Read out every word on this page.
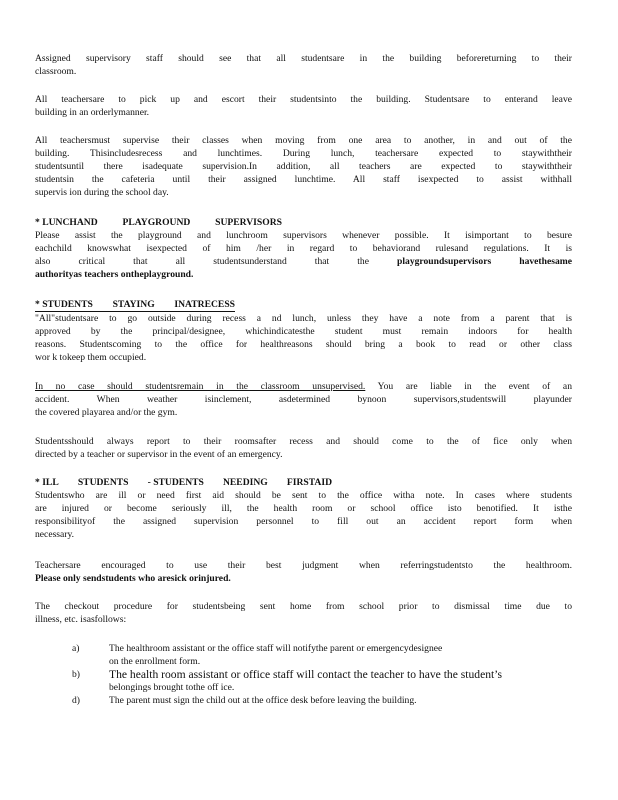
Assigned supervisory staff should see that all studentsare in the building beforereturning to their

classroom.

All teachersare to pick up and escort their studentsinto the building. Studentsare to enterand leave

building in an orderlymanner.

All teachersmust supervise their classes when moving from one area to another, in and out of the

building. Thisincludesrecess and lunchtimes. During lunch, teachersare expected to staywiththeir

studentsuntil there isadequate supervision.In addition, all teachers are expected to staywiththeir

studentsin the cafeteria until their assigned lunchtime. All staff isexpected to assist withhall

supervis ion during the school day.

* LUNCHAND	PLAYGROUND	SUPERVISORS

Please assist the playground and lunchroom supervisors whenever possible. It isimportant to besure

eachchild knowswhat isexpected of him /her in regard to behaviorand rulesand regulations. It is

also critical that all studentsunderstand that the	playgroundsupervisors havethesame

authorityas teachers ontheplayground.

* STUDENTS STAYING INATRECESS

"All"studentsare to go outside during recess a nd lunch, unless they have a note from a parent that is

approved by the principal/designee, whichindicatesthe student must remain indoors for health

reasons. Studentscoming to the office for healthreasons should bring a book to read or other class

wor k tokeep them occupied.

In no case should studentsremain in the classroom unsupervised. You are liable in the event of an

accident. When weather isinclement, asdetermined bynoon supervisors,studentswill playunder

the covered playarea and/or the gym.

Studentsshould always report to their roomsafter recess and should come to the of fice only when

directed by a teacher or supervisor in the event of an emergency.

* ILL STUDENTS - STUDENTS NEEDING FIRSTAID

Studentswho are ill or need first aid should be sent to the office witha note. In cases where students

are injured or become seriously ill, the health room or school office isto benotified. It isthe

responsibilityof the assigned supervision personnel to fill out an accident report form when

necessary.

Teachersare encouraged to use their best judgment when referringstudentsto the healthroom.

Please only sendstudents who aresick orinjured.

The checkout procedure for studentsbeing sent home from school prior to dismissal time due to

illness, etc. isasfollows:

a)	The healthroom assistant or the office staff will notifythe parent or emergencydesignee
on the enrollment form.
b)	The health room assistant or office staff will contact the teacher to have the student’s
belongings brought tothe off ice.
d)	The parent must sign the child out at the office desk before leaving the building.
